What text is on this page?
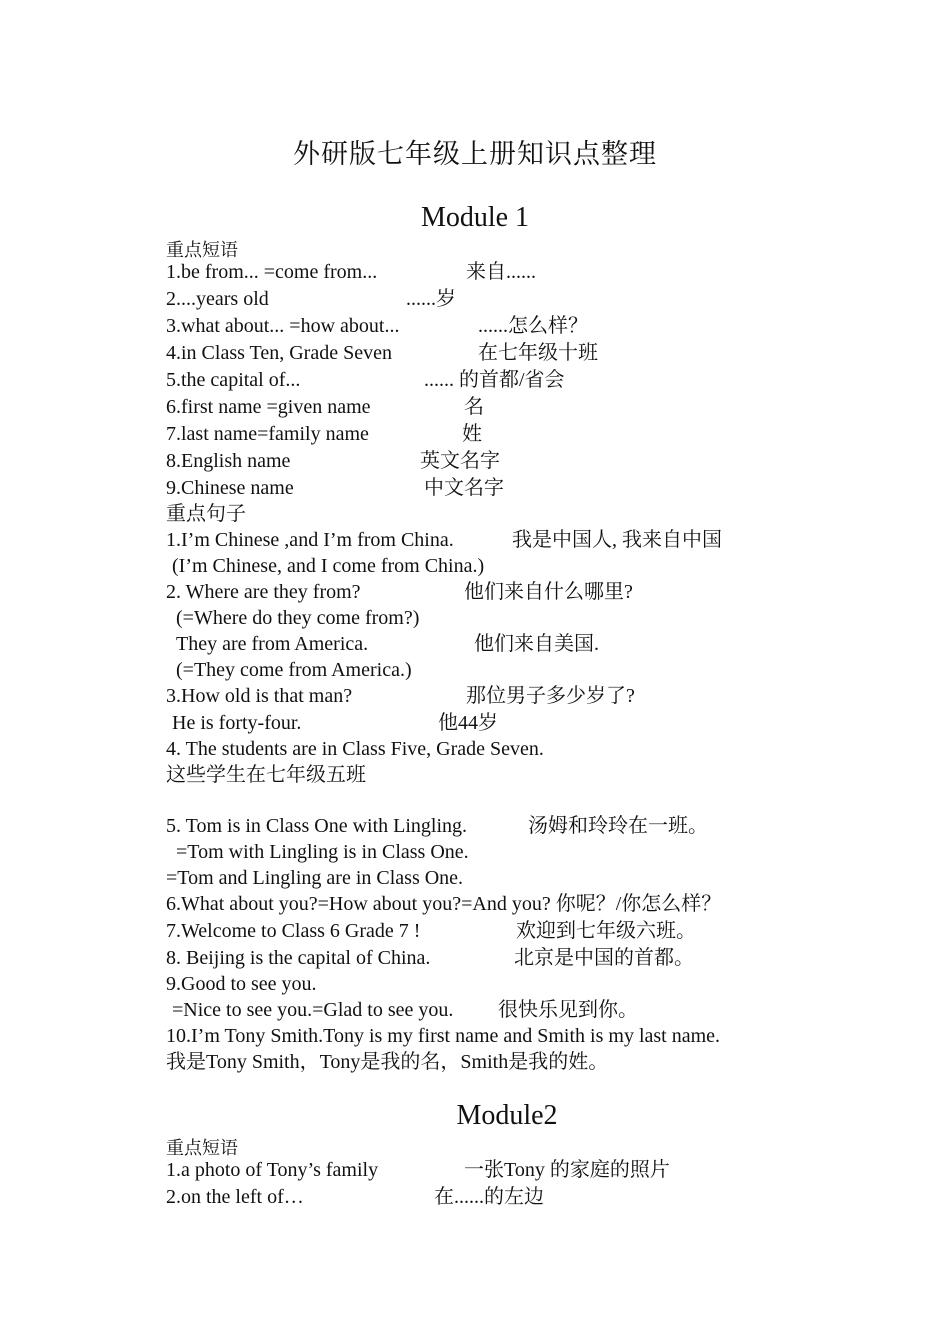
外研版七年级上册知识点整理
Module 1
重点短语
1.be from... =come from...	来自......
2....years old	......岁
3.what about... =how about...	......怎么样？
4.in Class Ten, Grade Seven	在七年级十班
5.the capital of...	...... 的首都/省会
6.first name =given name	名
7.last name=family name	姓
8.English name	英文名字
9.Chinese name	中文名字
重点句子
1.I’m Chinese ,and I’m from China.	我是中国人, 我来自中国
(I’m Chinese, and I come from China.)
2. Where are they from?	他们来自什么哪里?
(=Where do they come from?)
They are from America.	他们来自美国.
(=They come from America.)
3.How old is that man?	那位男子多少岁了?
He is forty-four.	他44岁
4. The students are in Class Five, Grade Seven.
这些学生在七年级五班
5. Tom is in Class One with Lingling.	汤姆和玲玲在一班。
=Tom with Lingling is in Class One.
=Tom and Lingling are in Class One.
6.What about you?=How about you?=And you? 你呢？/你怎么样？
7.Welcome to Class 6 Grade 7 !	欢迎到七年级六班。
8. Beijing is the capital of China.	北京是中国的首都。
9.Good to see you.
=Nice to see you.=Glad to see you. 很快乐见到你。
10.I’m Tony Smith.Tony is my first name and Smith is my last name.
我是Tony Smith，Tony是我的名，Smith是我的姓。
Module2
重点短语
1.a photo of Tony’s family	一张Tony 的家庭的照片
2.on the left of…	在......的左边
